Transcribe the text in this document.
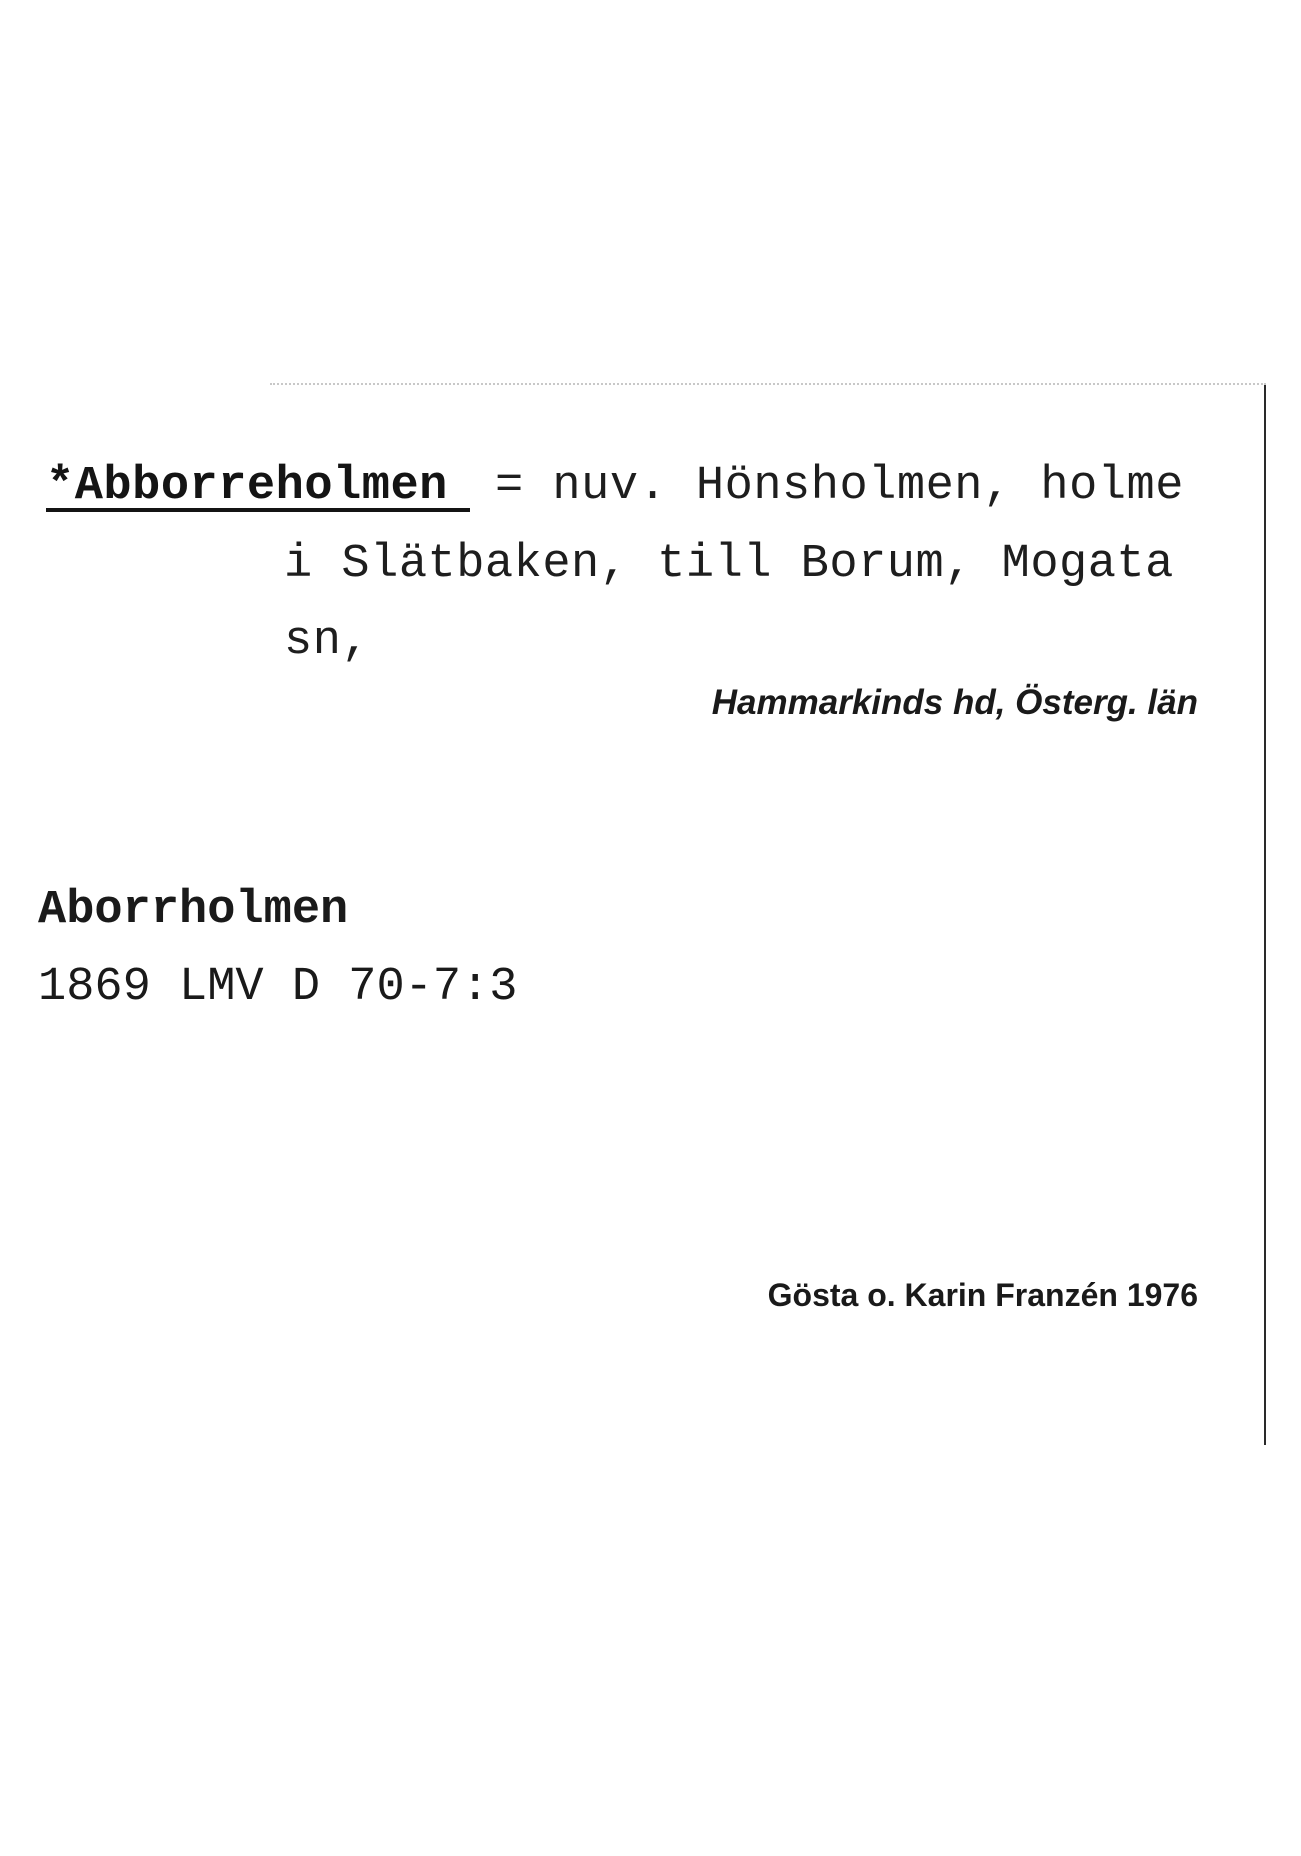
*Abborreholmen = nuv. Hönsholmen, holme
i Slätbaken, till Borum, Mogata
sn,
Hammarkinds hd, Österg. län
Aborrholmen
1869 LMV D 70-7:3
Gösta o. Karin Franzén 1976
